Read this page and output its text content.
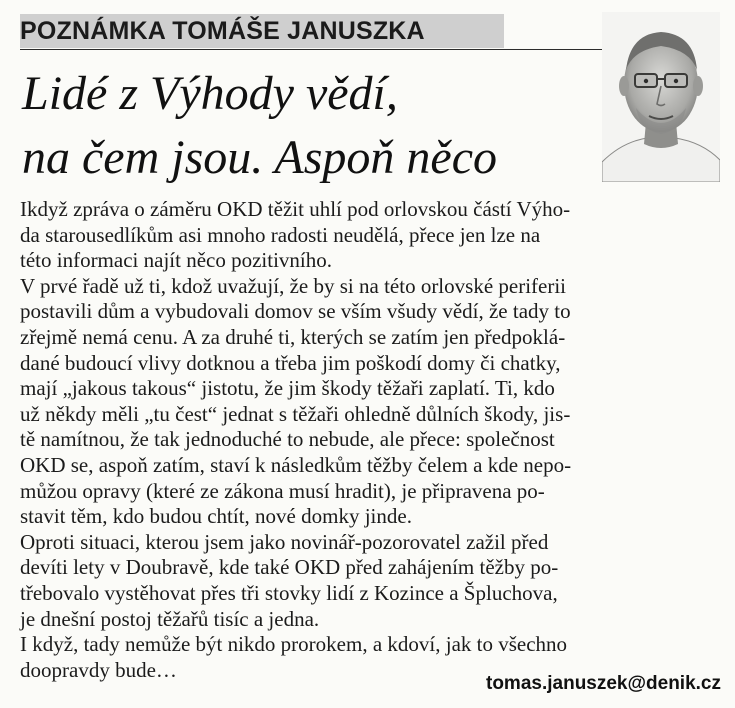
POZNÁMKA TOMÁŠE JANUSZKA
Lidé z Výhody vědí,
na čem jsou. Aspoň něco
Ikdyž zpráva o záměru OKD těžit uhlí pod orlovskou částí Výho-
da starousedlíkům asi mnoho radosti neudělá, přece jen lze na
této informaci najít něco pozitivního.
V prvé řadě už ti, kdož uvažují, že by si na této orlovské periferii
postavili dům a vybudovali domov se vším všudy vědí, že tady to
zřejmě nemá cenu. A za druhé ti, kterých se zatím jen předpoklá-
dané budoucí vlivy dotknou a třeba jim poškodí domy či chatky,
mají „jakous takous“ jistotu, že jim škody těžaři zaplatí. Ti, kdo
už někdy měli „tu čest“ jednat s těžaři ohledně důlních škody, jis-
tě namítnou, že tak jednoduché to nebude, ale přece: společnost
OKD se, aspoň zatím, staví k následkům těžby čelem a kde nepo-
můžou opravy (které ze zákona musí hradit), je připravena po-
stavit těm, kdo budou chtít, nové domky jinde.
Oproti situaci, kterou jsem jako novinář-pozorovatel zažil před
devíti lety v Doubravě, kde také OKD před zahájením těžby po-
třebovalo vystěhovat přes tři stovky lidí z Kozince a Špluchova,
je dnešní postoj těžařů tisíc a jedna.
I když, tady nemůže být nikdo prorokem, a kdoví, jak to všechno
doopravdy bude…
tomas.januszek@denik.cz
